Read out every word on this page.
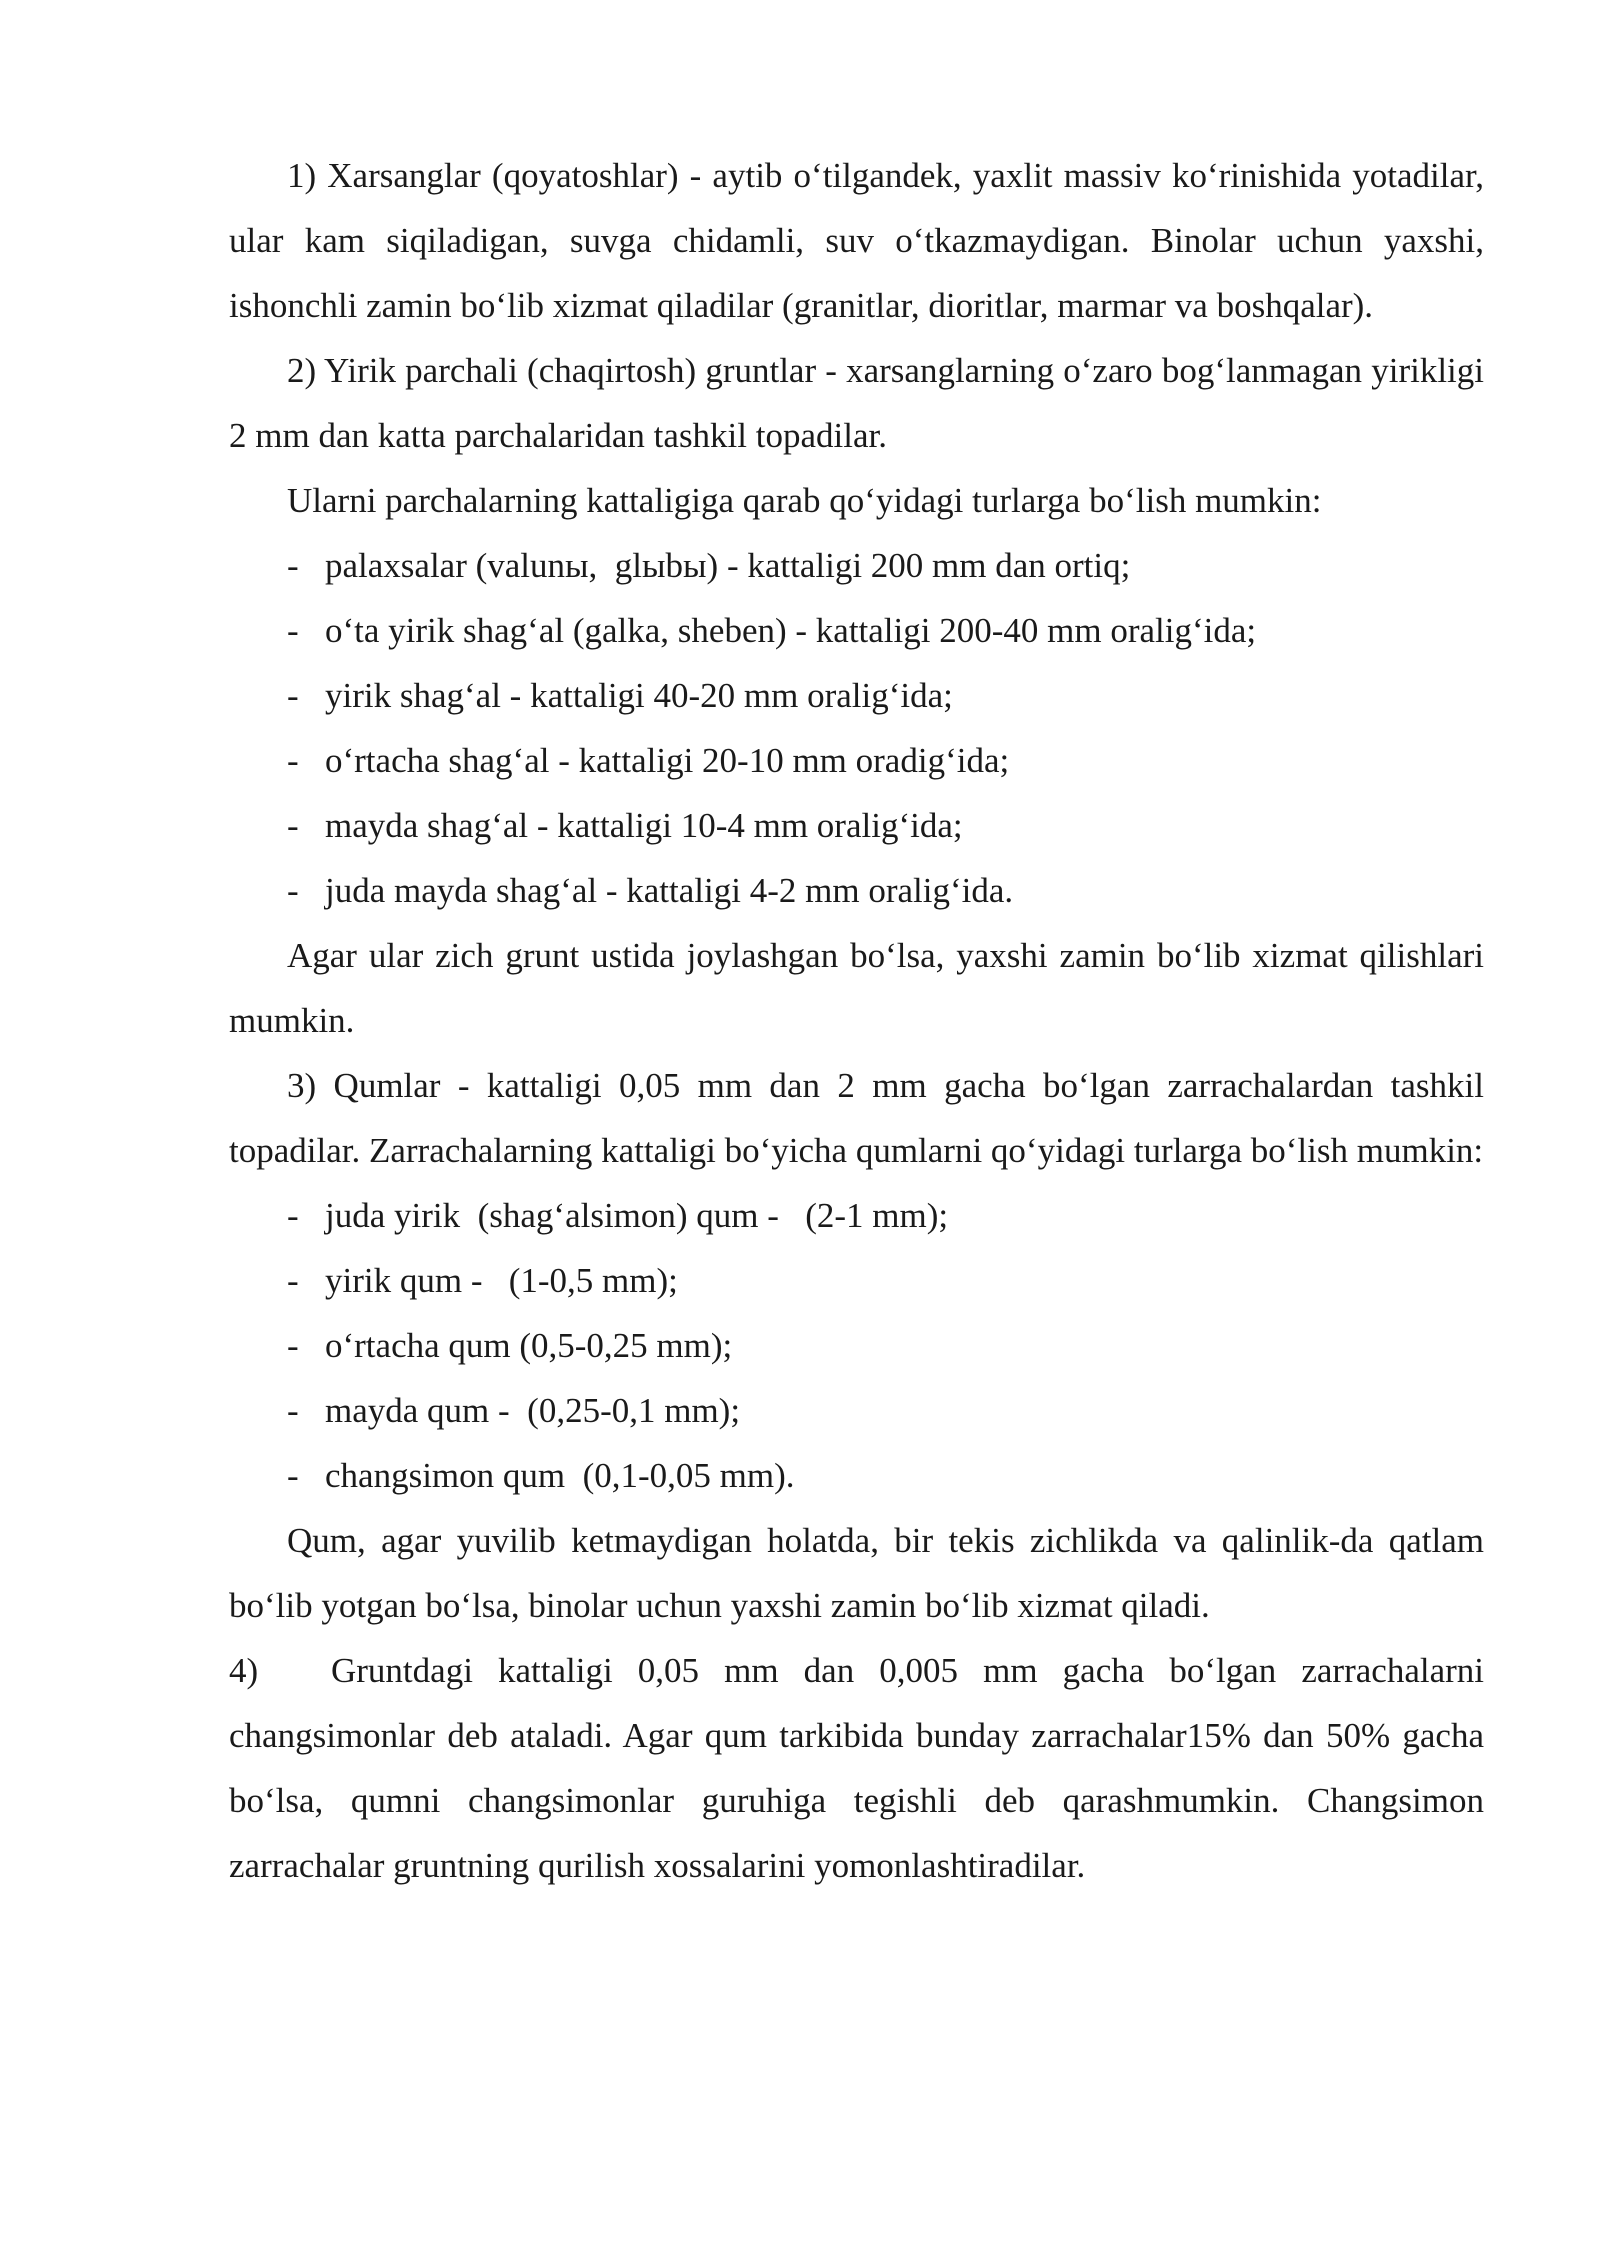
1) Xarsanglar (qoyatoshlar) - aytib o‘tilgandek, yaxlit massiv ko‘rinishida yotadilar, ular kam siqiladigan, suvga chidamli, suv o‘tkazmaydigan. Binolar uchun yaxshi, ishonchli zamin bo‘lib xizmat qiladilar (granitlar, dioritlar, marmar va boshqalar).

2) Yirik parchali (chaqirtosh) gruntlar - xarsanglarning o‘zaro bog‘lanmagan yirikligi 2 mm dan katta parchalaridan tashkil topadilar.

Ularni parchalarning kattaligiga qarab qo‘yidagi turlarga bo‘lish mumkin:

- palaxsalar (valunы,  glыbы) - kattaligi 200 mm dan ortiq;

- o‘ta yirik shag‘al (galka, sheben) - kattaligi 200-40 mm oralig‘ida;

- yirik shag‘al - kattaligi 40-20 mm oralig‘ida;

- o‘rtacha shag‘al - kattaligi 20-10 mm oradig‘ida;

- mayda shag‘al - kattaligi 10-4 mm oralig‘ida;

- juda mayda shag‘al - kattaligi 4-2 mm oralig‘ida.

Agar ular zich grunt ustida joylashgan bo‘lsa, yaxshi zamin bo‘lib xizmat qilishlari mumkin.

3) Qumlar - kattaligi 0,05 mm dan 2 mm gacha bo‘lgan zarrachalardan tashkil topadilar. Zarrachalarning kattaligi bo‘yicha qumlarni qo‘yidagi turlarga bo‘lish mumkin:

- juda yirik  (shag‘alsimon) qum -   (2-1 mm);

- yirik qum -   (1-0,5 mm);

- o‘rtacha qum (0,5-0,25 mm);

- mayda qum -  (0,25-0,1 mm);

- changsimon qum  (0,1-0,05 mm).

Qum, agar yuvilib ketmaydigan holatda, bir tekis zichlikda va qalinlik-da qatlam bo‘lib yotgan bo‘lsa, binolar uchun yaxshi zamin bo‘lib xizmat qiladi.

4) Gruntdagi kattaligi 0,05 mm dan 0,005 mm gacha bo‘lgan zarrachalarni changsimonlar deb ataladi. Agar qum tarkibida bunday zarrachalar15% dan 50% gacha bo‘lsa, qumni changsimonlar guruhiga tegishli deb qarashmumkin. Changsimon zarrachalar gruntning qurilish xossalarini yomonlashtiradilar.
